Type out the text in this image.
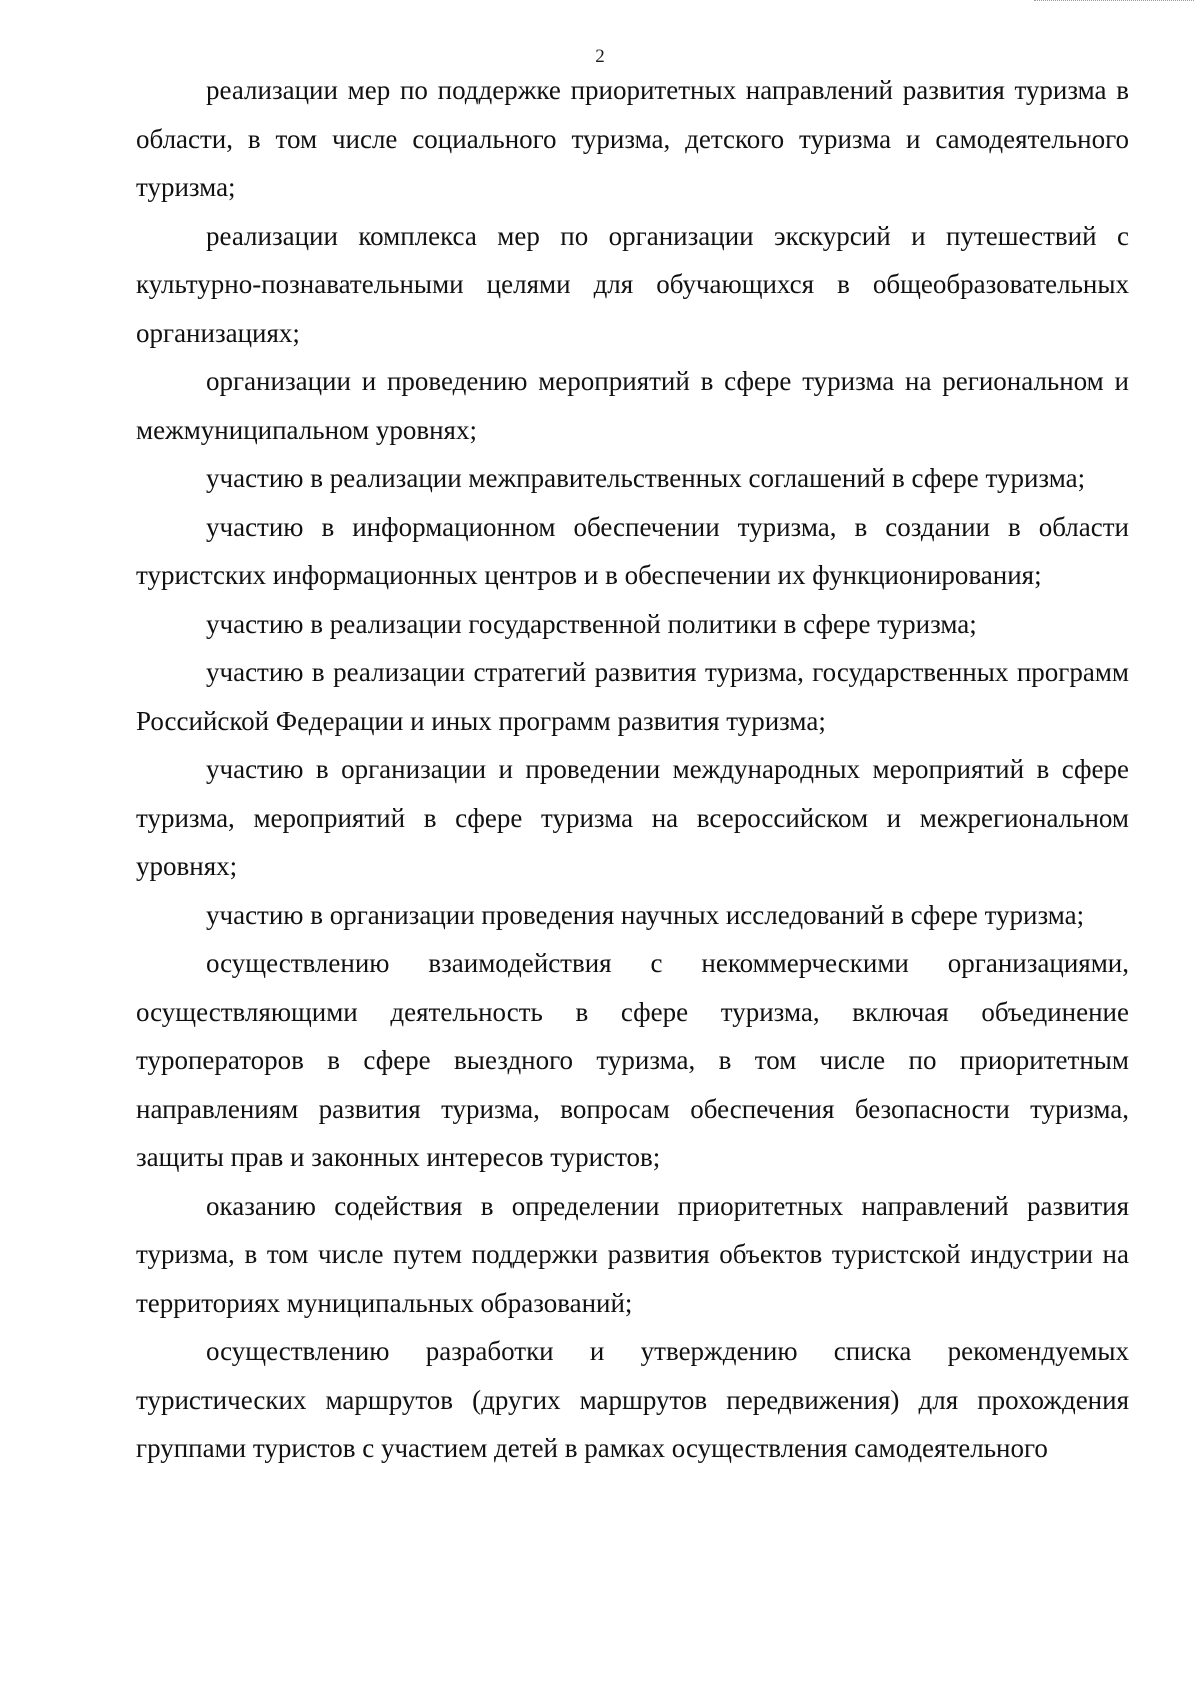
2

реализации мер по поддержке приоритетных направлений развития туризма в области, в том числе социального туризма, детского туризма и самодеятельного туризма;

реализации комплекса мер по организации экскурсий и путешествий с культурно-познавательными целями для обучающихся в общеобразовательных организациях;

организации и проведению мероприятий в сфере туризма на региональном и межмуниципальном уровнях;

участию в реализации межправительственных соглашений в сфере туризма;

участию в информационном обеспечении туризма, в создании в области туристских информационных центров и в обеспечении их функционирования;

участию в реализации государственной политики в сфере туризма;

участию в реализации стратегий развития туризма, государственных программ Российской Федерации и иных программ развития туризма;

участию в организации и проведении международных мероприятий в сфере туризма, мероприятий в сфере туризма на всероссийском и межрегиональном уровнях;

участию в организации проведения научных исследований в сфере туризма;

осуществлению взаимодействия с некоммерческими организациями, осуществляющими деятельность в сфере туризма, включая объединение туроператоров в сфере выездного туризма, в том числе по приоритетным направлениям развития туризма, вопросам обеспечения безопасности туризма, защиты прав и законных интересов туристов;

оказанию содействия в определении приоритетных направлений развития туризма, в том числе путем поддержки развития объектов туристской индустрии на территориях муниципальных образований;

осуществлению разработки и утверждению списка рекомендуемых туристических маршрутов (других маршрутов передвижения) для прохождения группами туристов с участием детей в рамках осуществления самодеятельного
